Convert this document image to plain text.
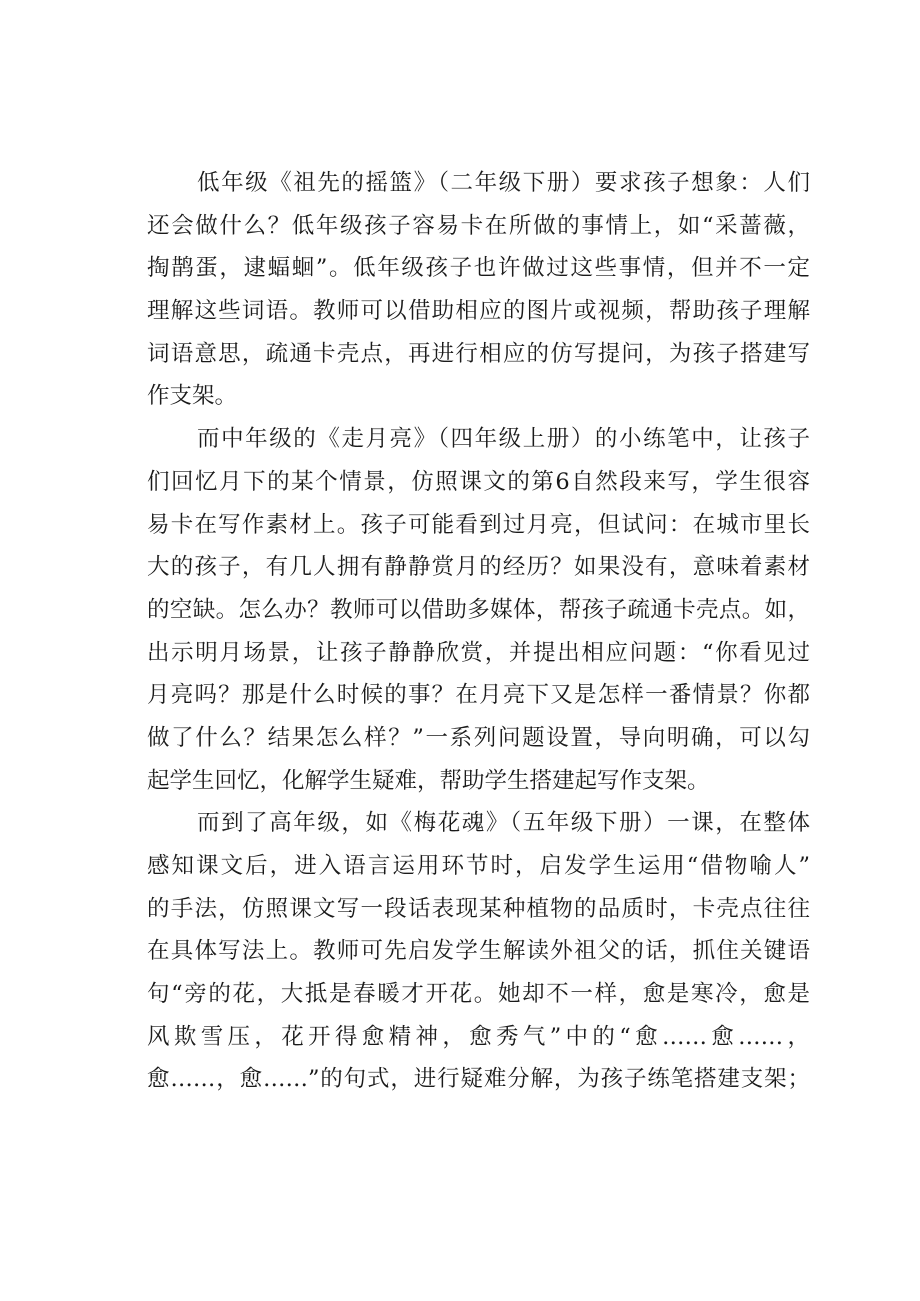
低年级《祖先的摇篮》（二年级下册）要求孩子想象：人们
还会做什么？低年级孩子容易卡在所做的事情上，如“采蔷薇，
掏鹊蛋，逮蝠蛔”。低年级孩子也许做过这些事情，但并不一定
理解这些词语。教师可以借助相应的图片或视频，帮助孩子理解
词语意思，疏通卡壳点，再进行相应的仿写提问，为孩子搭建写
作支架。
而中年级的《走月亮》（四年级上册）的小练笔中，让孩子
们回忆月下的某个情景，仿照课文的第6自然段来写，学生很容
易卡在写作素材上。孩子可能看到过月亮，但试问：在城市里长
大的孩子，有几人拥有静静赏月的经历？如果没有，意味着素材
的空缺。怎么办？教师可以借助多媒体，帮孩子疏通卡壳点。如，
出示明月场景，让孩子静静欣赏，并提出相应问题：“你看见过
月亮吗？那是什么时候的事？在月亮下又是怎样一番情景？你都
做了什么？结果怎么样？”一系列问题设置，导向明确，可以勾
起学生回忆，化解学生疑难，帮助学生搭建起写作支架。
而到了高年级，如《梅花魂》（五年级下册）一课，在整体
感知课文后，进入语言运用环节时，启发学生运用“借物喻人”
的手法，仿照课文写一段话表现某种植物的品质时，卡壳点往往
在具体写法上。教师可先启发学生解读外祖父的话，抓住关键语
句“旁的花，大抵是春暖才开花。她却不一样，愈是寒冷，愈是
风欺雪压，花开得愈精神，愈秀气”中的“愈……愈……，
愈……，愈……”的句式，进行疑难分解，为孩子练笔搭建支架；
